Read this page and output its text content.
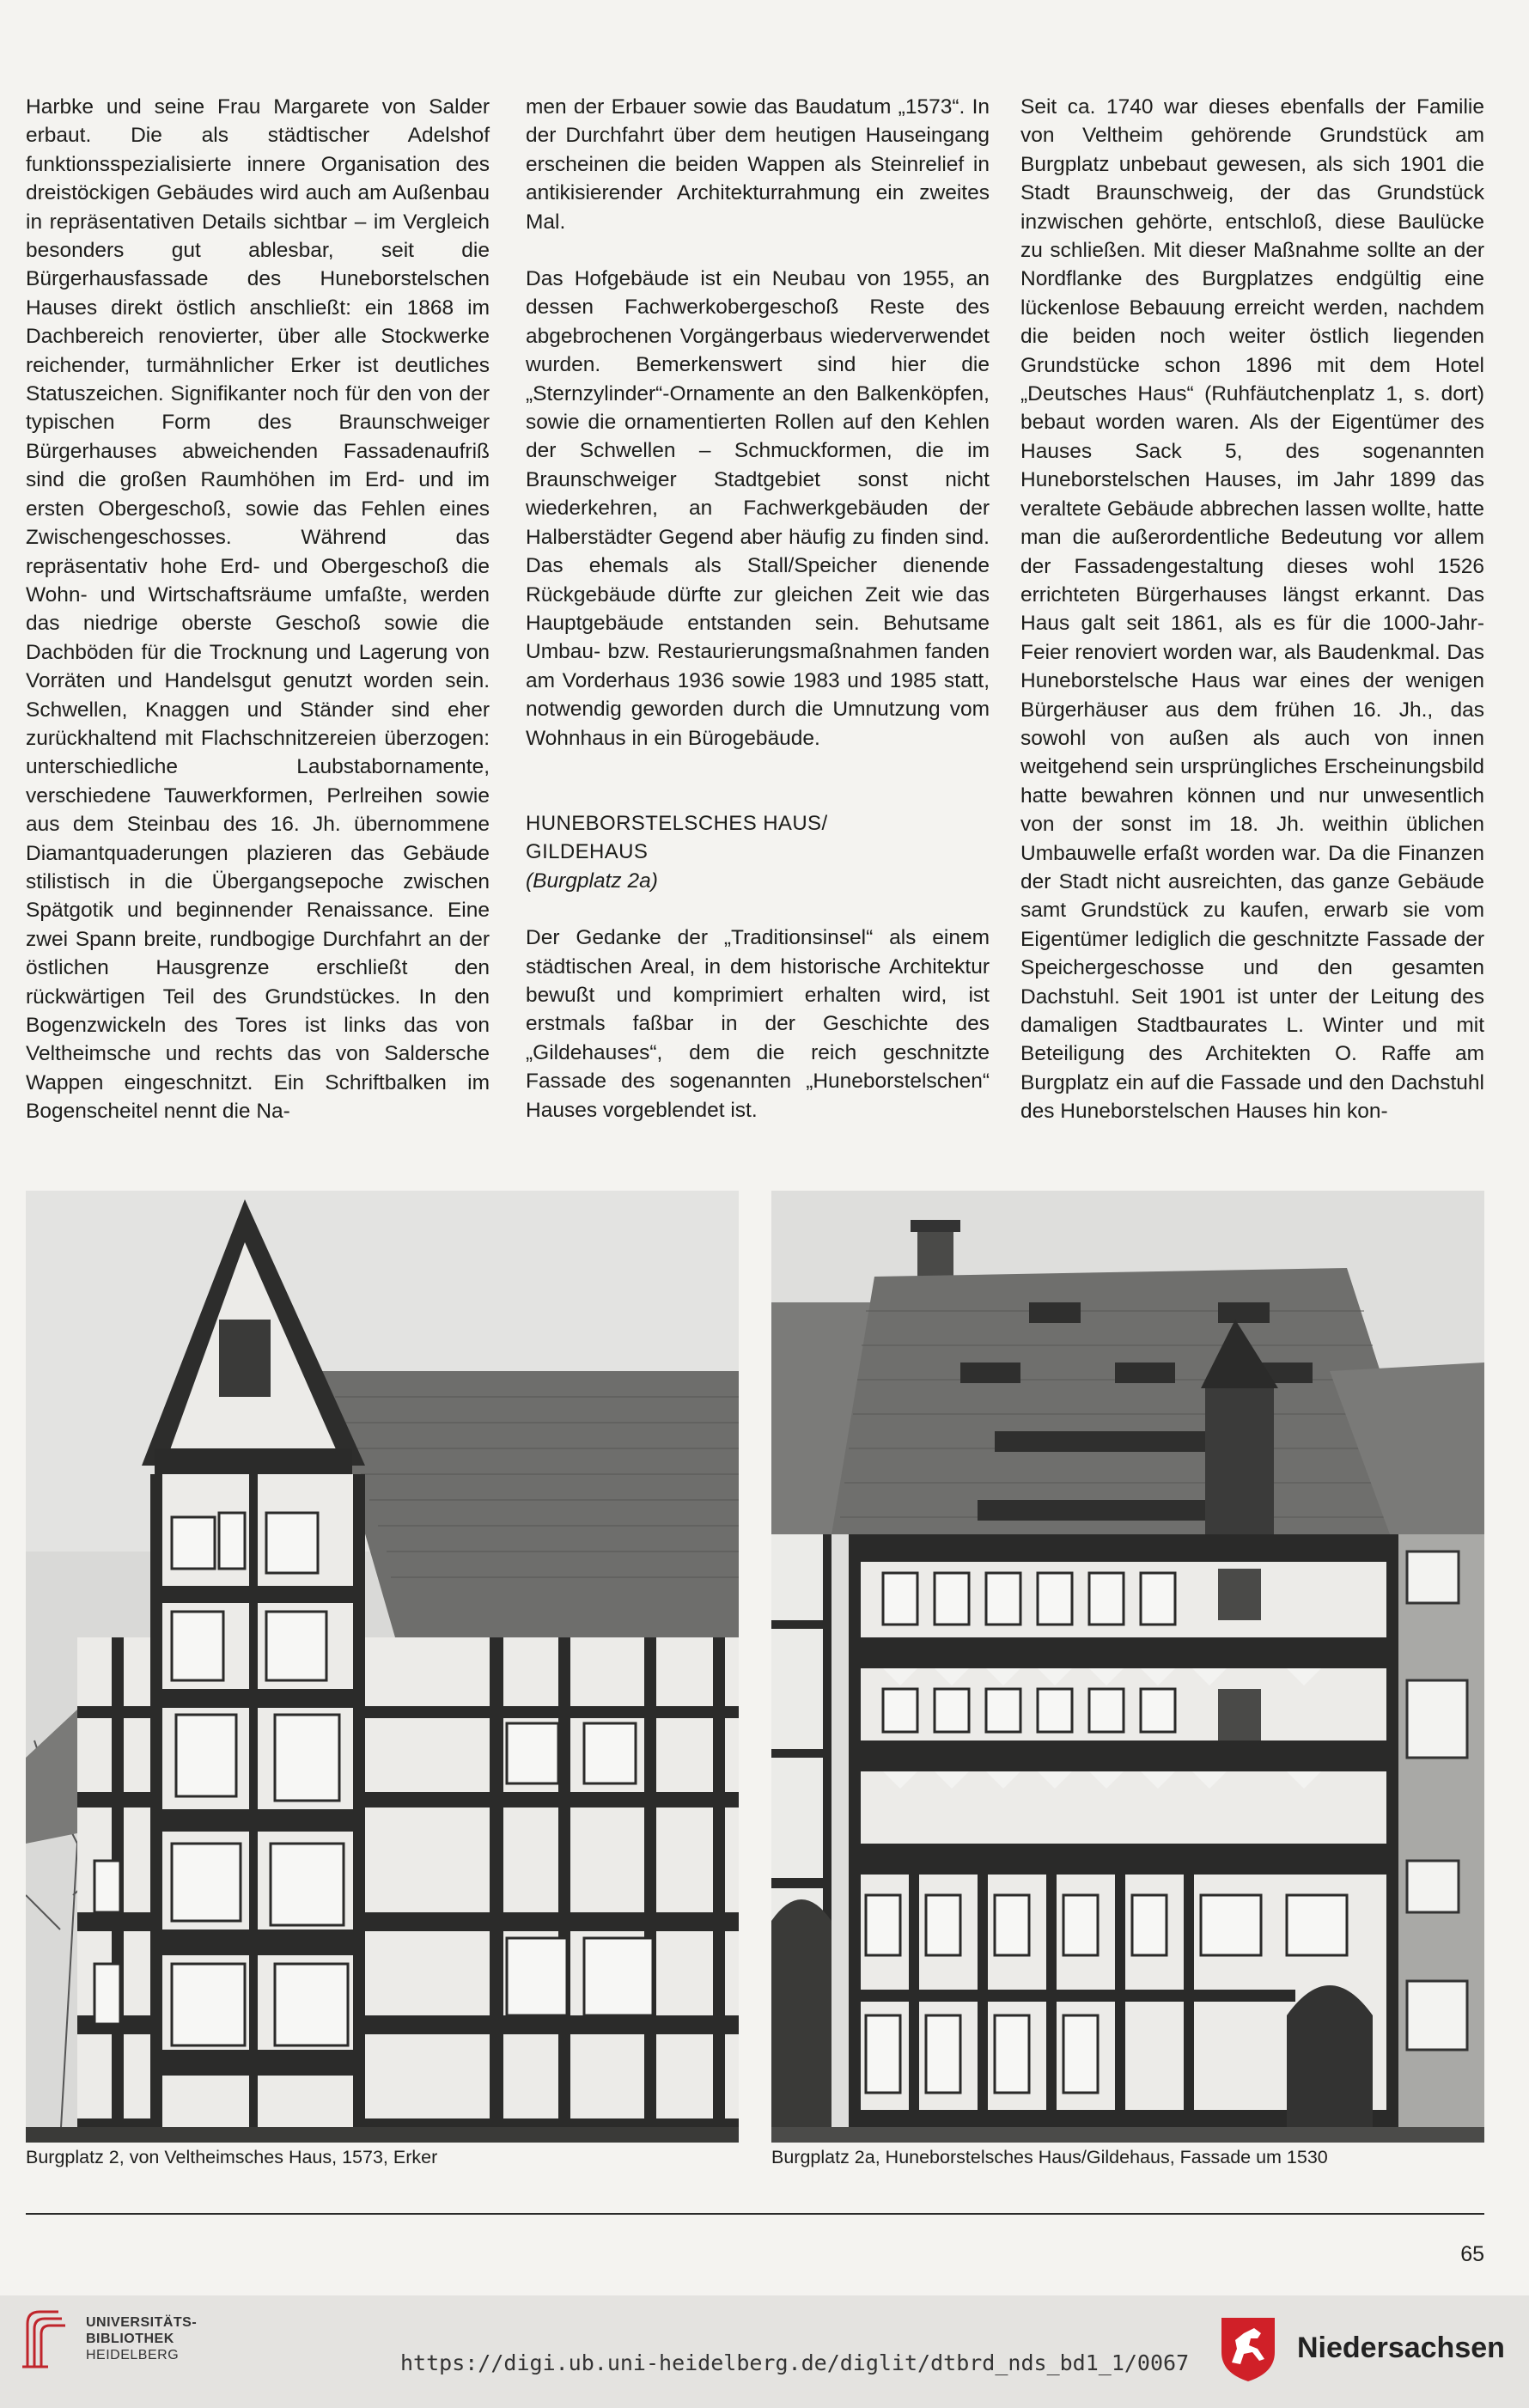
Harbke und seine Frau Margarete von Salder erbaut. Die als städtischer Adelshof funktionsspezialisierte innere Organisation des dreistöckigen Gebäudes wird auch am Außenbau in repräsentativen Details sichtbar – im Vergleich besonders gut ablesbar, seit die Bürgerhausfassade des Huneborstelschen Hauses direkt östlich anschließt: ein 1868 im Dachbereich renovierter, über alle Stockwerke reichender, turmähnlicher Erker ist deutliches Statuszeichen. Signifikanter noch für den von der typischen Form des Braunschweiger Bürgerhauses abweichenden Fassadenaufriß sind die großen Raumhöhen im Erd- und im ersten Obergeschoß, sowie das Fehlen eines Zwischengeschosses. Während das repräsentativ hohe Erd- und Obergeschoß die Wohn- und Wirtschaftsräume umfaßte, werden das niedrige oberste Geschoß sowie die Dachböden für die Trocknung und Lagerung von Vorräten und Handelsgut genutzt worden sein. Schwellen, Knaggen und Ständer sind eher zurückhaltend mit Flachschnitzereien überzogen: unterschiedliche Laubstabornamente, verschiedene Tauwerkformen, Perlreihen sowie aus dem Steinbau des 16. Jh. übernommene Diamantquaderungen plazieren das Gebäude stilistisch in die Übergangsepoche zwischen Spätgotik und beginnender Renaissance. Eine zwei Spann breite, rundbogige Durchfahrt an der östlichen Hausgrenze erschließt den rückwärtigen Teil des Grundstückes. In den Bogenzwickeln des Tores ist links das von Veltheimsche und rechts das von Saldersche Wappen eingeschnitzt. Ein Schriftbalken im Bogenscheitel nennt die Na-

men der Erbauer sowie das Baudatum „1573“. In der Durchfahrt über dem heutigen Hauseingang erscheinen die beiden Wappen als Steinrelief in antikisierender Architekturrahmung ein zweites Mal.

Das Hofgebäude ist ein Neubau von 1955, an dessen Fachwerkobergeschoß Reste des abgebrochenen Vorgängerbaus wiederverwendet wurden. Bemerkenswert sind hier die „Sternzylinder“-Ornamente an den Balkenköpfen, sowie die ornamentierten Rollen auf den Kehlen der Schwellen – Schmuckformen, die im Braunschweiger Stadtgebiet sonst nicht wiederkehren, an Fachwerkgebäuden der Halberstädter Gegend aber häufig zu finden sind. Das ehemals als Stall/Speicher dienende Rückgebäude dürfte zur gleichen Zeit wie das Hauptgebäude entstanden sein. Behutsame Umbau- bzw. Restaurierungsmaßnahmen fanden am Vorderhaus 1936 sowie 1983 und 1985 statt, notwendig geworden durch die Umnutzung vom Wohnhaus in ein Bürogebäude.

HUNEBORSTELSCHES HAUS/

GILDEHAUS

(Burgplatz 2a)

Der Gedanke der „Traditionsinsel“ als einem städtischen Areal, in dem historische Architektur bewußt und komprimiert erhalten wird, ist erstmals faßbar in der Geschichte des „Gildehauses“, dem die reich geschnitzte Fassade des sogenannten „Huneborstelschen“ Hauses vorgeblendet ist.

Seit ca. 1740 war dieses ebenfalls der Familie von Veltheim gehörende Grundstück am Burgplatz unbebaut gewesen, als sich 1901 die Stadt Braunschweig, der das Grundstück inzwischen gehörte, entschloß, diese Baulücke zu schließen. Mit dieser Maßnahme sollte an der Nordflanke des Burgplatzes endgültig eine lückenlose Bebauung erreicht werden, nachdem die beiden noch weiter östlich liegenden Grundstücke schon 1896 mit dem Hotel „Deutsches Haus“ (Ruhfäutchenplatz 1, s. dort) bebaut worden waren. Als der Eigentümer des Hauses Sack 5, des sogenannten Huneborstelschen Hauses, im Jahr 1899 das veraltete Gebäude abbrechen lassen wollte, hatte man die außerordentliche Bedeutung vor allem der Fassadengestaltung dieses wohl 1526 errichteten Bürgerhauses längst erkannt. Das Haus galt seit 1861, als es für die 1000-Jahr-Feier renoviert worden war, als Baudenkmal. Das Huneborstelsche Haus war eines der wenigen Bürgerhäuser aus dem frühen 16. Jh., das sowohl von außen als auch von innen weitgehend sein ursprüngliches Erscheinungsbild hatte bewahren können und nur unwesentlich von der sonst im 18. Jh. weithin üblichen Umbauwelle erfaßt worden war. Da die Finanzen der Stadt nicht ausreichten, das ganze Gebäude samt Grundstück zu kaufen, erwarb sie vom Eigentümer lediglich die geschnitzte Fassade der Speichergeschosse und den gesamten Dachstuhl. Seit 1901 ist unter der Leitung des damaligen Stadtbaurates L. Winter und mit Beteiligung des Architekten O. Raffe am Burgplatz ein auf die Fassade und den Dachstuhl des Huneborstelschen Hauses hin kon-

Burgplatz 2, von Veltheimsches Haus, 1573, Erker	Burgplatz 2a, Huneborstelsches Haus/Gildehaus, Fassade um 1530
65
UNIVERSITÄTS-
BIBLIOTHEK
HEIDELBERG	https://digi.ub.uni-heidelberg.de/diglit/dtbrd_nds_bd1_1/0067	Niedersachsen
